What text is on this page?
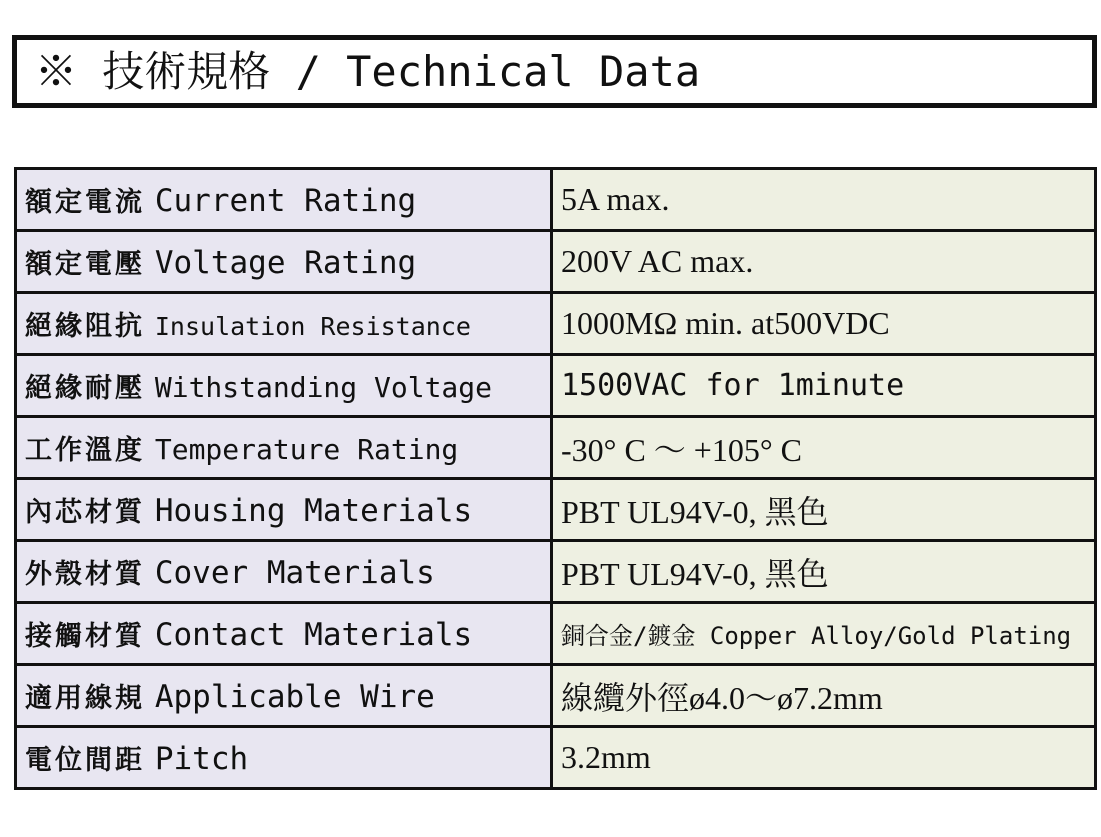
※ 技術規格 / Technical Data
額定電流 Current Rating	5A max.
額定電壓 Voltage Rating	200V AC max.
絕緣阻抗 Insulation Resistance	1000MΩ min. at500VDC
絕緣耐壓 Withstanding Voltage	1500VAC for 1minute
工作溫度 Temperature Rating	-30° C ～ +105° C
內芯材質 Housing Materials	PBT UL94V-0, 黑色
外殼材質 Cover Materials	PBT UL94V-0, 黑色
接觸材質 Contact Materials	銅合金/鍍金 Copper Alloy/Gold Plating
適用線規 Applicable Wire	線纜外徑ø4.0～ø7.2mm
電位間距 Pitch	3.2mm
